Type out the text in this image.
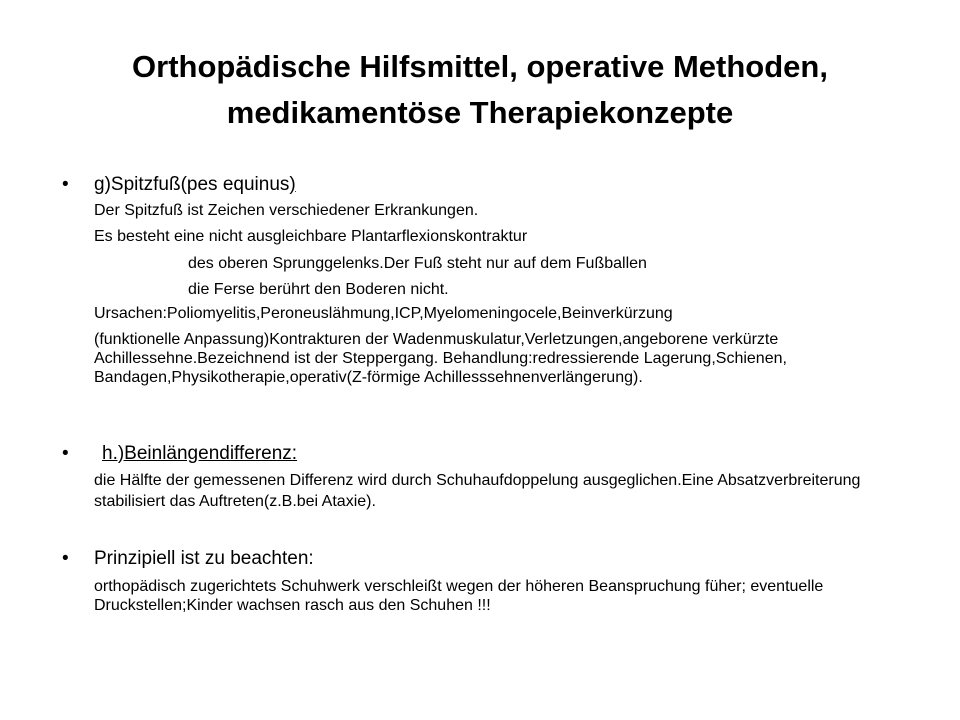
Orthopädische Hilfsmittel, operative Methoden,
medikamentöse Therapiekonzepte
• g)Spitzfuß(pes equinus)
Der Spitzfuß ist Zeichen verschiedener Erkrankungen.
Es besteht eine nicht ausgleichbare Plantarflexionskontraktur
des oberen Sprunggelenks.Der Fuß steht nur auf dem Fußballen
die Ferse berührt den Boderen nicht.
Ursachen:Poliomyelitis,Peroneuslähmung,ICP,Myelomeningocele,Beinverkürzung
(funktionelle Anpassung)Kontrakturen der Wadenmuskulatur,Verletzungen,angeborene verkürzte Achillessehne.Bezeichnend ist der Steppergang. Behandlung:redressierende Lagerung,Schienen, Bandagen,Physikotherapie,operativ(Z-förmige Achillesssehnenverlängerung).
• h.)Beinlängendifferenz:
die Hälfte der gemessenen Differenz wird durch Schuhaufdoppelung ausgeglichen.Eine Absatzverbreiterung stabilisiert das Auftreten(z.B.bei Ataxie).
• Prinzipiell ist zu beachten:
orthopädisch zugerichtets Schuhwerk verschleißt wegen der höheren Beanspruchung füher; eventuelle Druckstellen;Kinder wachsen rasch aus den Schuhen !!!
